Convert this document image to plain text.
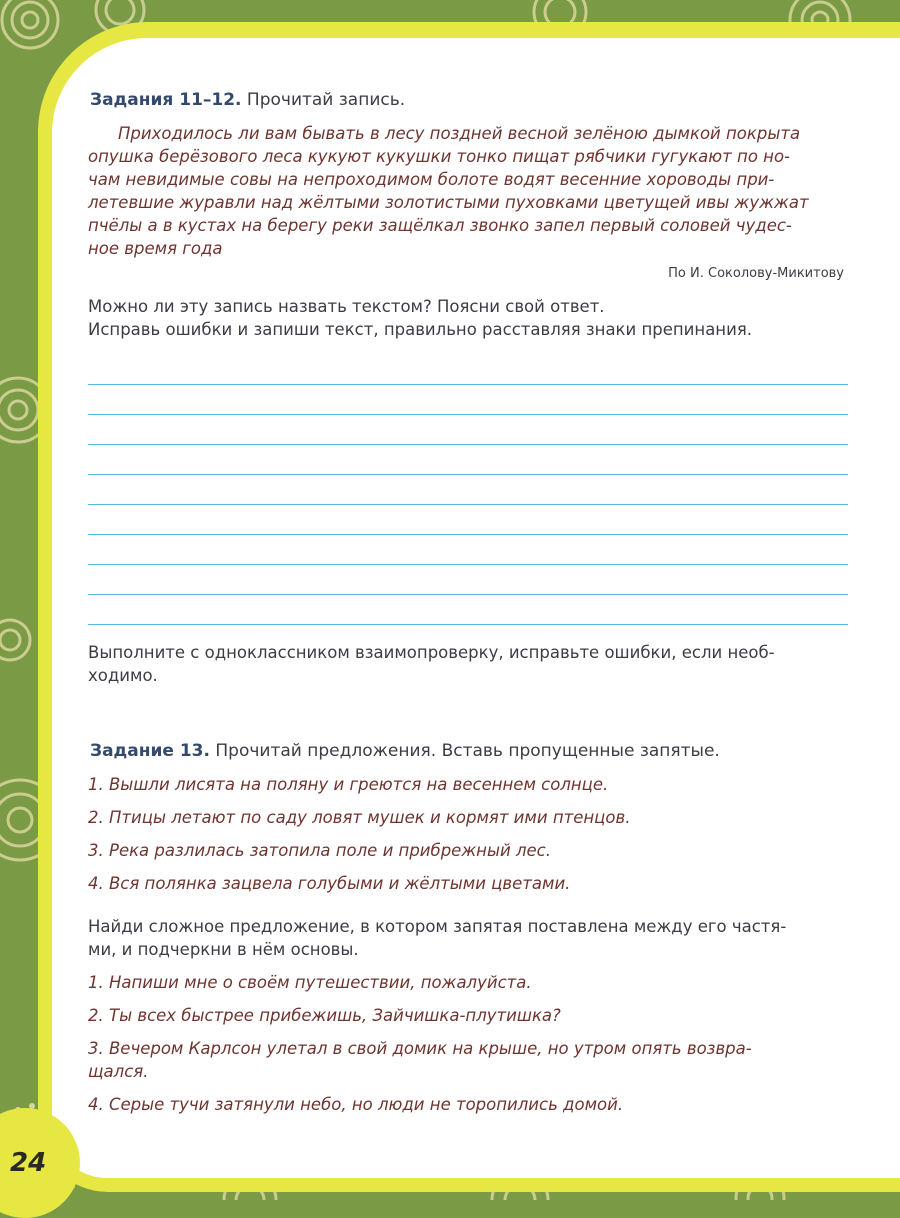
24

Задания 11–12. Прочитай запись.

Приходилось ли вам бывать в лесу поздней весной зелёною дымкой покрыта
опушка берёзового леса кукуют кукушки тонко пищат рябчики гугукают по но-
чам невидимые совы на непроходимом болоте водят весенние хороводы при-
летевшие журавли над жёлтыми золотистыми пуховками цветущей ивы жужжат
пчёлы а в кустах на берегу реки защёлкал звонко запел первый соловей чудес-
ное время года

По И. Соколову-Микитову

Можно ли эту запись назвать текстом? Поясни свой ответ.

Исправь ошибки и запиши текст, правильно расставляя знаки препинания.

Выполните с одноклассником взаимопроверку, исправьте ошибки, если необ-

ходимо.

Задание 13. Прочитай предложения. Вставь пропущенные запятые.

1. Вышли лисята на поляну и греются на весеннем солнце.

2. Птицы летают по саду ловят мушек и кормят ими птенцов.

3. Река разлилась затопила поле и прибрежный лес.

4. Вся полянка зацвела голубыми и жёлтыми цветами.

Найди сложное предложение, в котором запятая поставлена между его частя-

ми, и подчеркни в нём основы.

1. Напиши мне о своём путешествии, пожалуйста.

2. Ты всех быстрее прибежишь, Зайчишка-плутишка?

3. Вечером Карлсон улетал в свой домик на крыше, но утром опять возвра-

щался.

4. Серые тучи затянули небо, но люди не торопились домой.
